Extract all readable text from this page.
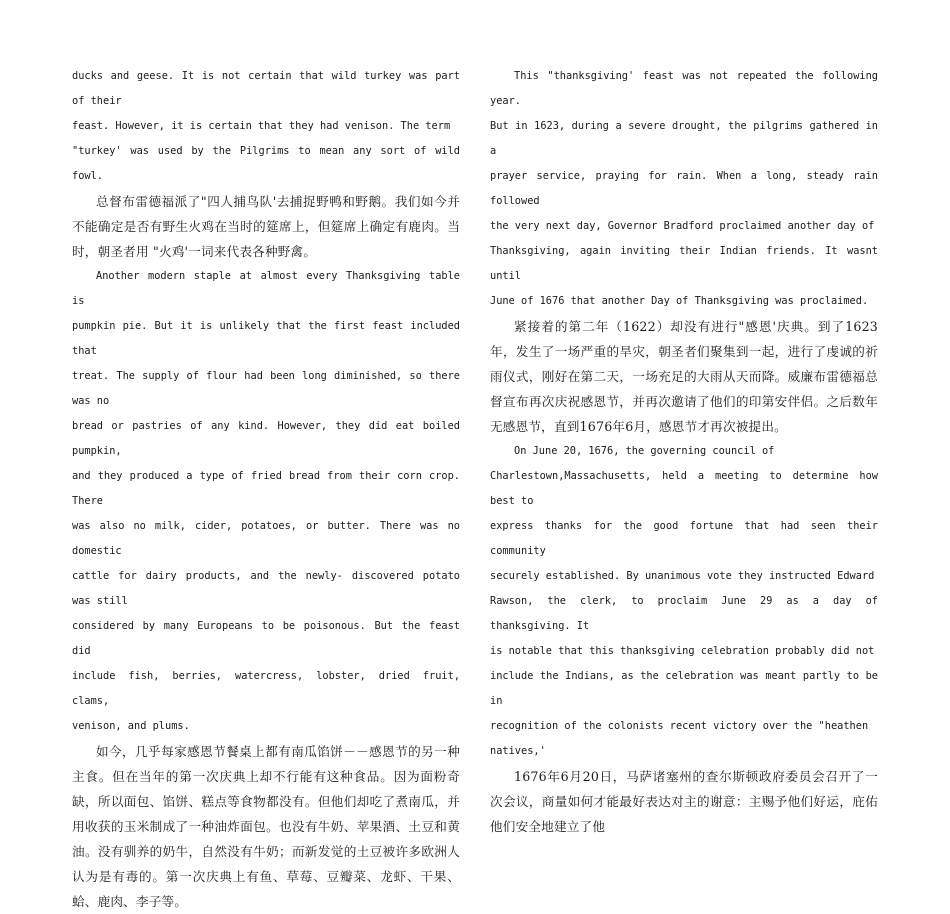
ducks and geese. It is not certain that wild turkey was part of their
feast. However, it is certain that they had venison. The term
"turkey' was used by the Pilgrims to mean any sort of wild fowl.

总督布雷德福派了"四人捕鸟队'去捕捉野鸭和野鹅。我们如今并不能确定是否有野生火鸡在当时的筵席上，但筵席上确定有鹿肉。当时，朝圣者用 "火鸡'一词来代表各种野禽。

Another modern staple at almost every Thanksgiving table is
pumpkin pie. But it is unlikely that the first feast included that
treat. The supply of flour had been long diminished, so there was no
bread or pastries of any kind. However, they did eat boiled pumpkin,
and they produced a type of fried bread from their corn crop. There
was also no milk, cider, potatoes, or butter. There was no domestic
cattle for dairy products, and the newly- discovered potato was still
considered by many Europeans to be poisonous. But the feast did
include fish, berries, watercress, lobster, dried fruit, clams,
venison, and plums.

如今，几乎每家感恩节餐桌上都有南瓜馅饼－－感恩节的另一种主食。但在当年的第一次庆典上却不行能有这种食品。因为面粉奇缺，所以面包、馅饼、糕点等食物都没有。但他们却吃了煮南瓜，并用收获的玉米制成了一种油炸面包。也没有牛奶、苹果酒、土豆和黄油。没有驯养的奶牛，自然没有牛奶；而新发觉的土豆被许多欧洲人认为是有毒的。第一次庆典上有鱼、草莓、豆瓣菜、龙虾、干果、蛤、鹿肉、李子等。

This "thanksgiving' feast was not repeated the following year.
But in 1623, during a severe drought, the pilgrims gathered in a
prayer service, praying for rain. When a long, steady rain followed
the very next day, Governor Bradford proclaimed another day of
Thanksgiving, again inviting their Indian friends. It wasnt until
June of 1676 that another Day of Thanksgiving was proclaimed.

紧接着的第二年（1622）却没有进行"感恩'庆典。到了1623年，发生了一场严重的旱灾，朝圣者们聚集到一起，进行了虔诚的祈雨仪式，刚好在第二天，一场充足的大雨从天而降。威廉布雷德福总督宣布再次庆祝感恩节，并再次邀请了他们的印第安伴侣。之后数年无感恩节，直到1676年6月，感恩节才再次被提出。

On June 20, 1676, the governing council of
Charlestown,Massachusetts, held a meeting to determine how best to
express thanks for the good fortune that had seen their community
securely established. By unanimous vote they instructed Edward
Rawson, the clerk, to proclaim June 29 as a day of thanksgiving. It
is notable that this thanksgiving celebration probably did not
include the Indians, as the celebration was meant partly to be in
recognition of the colonists recent victory over the "heathen
natives,'

1676年6月20日，马萨诸塞州的查尔斯顿政府委员会召开了一次会议，商量如何才能最好表达对主的谢意：主赐予他们好运，庇佑他们安全地建立了他
